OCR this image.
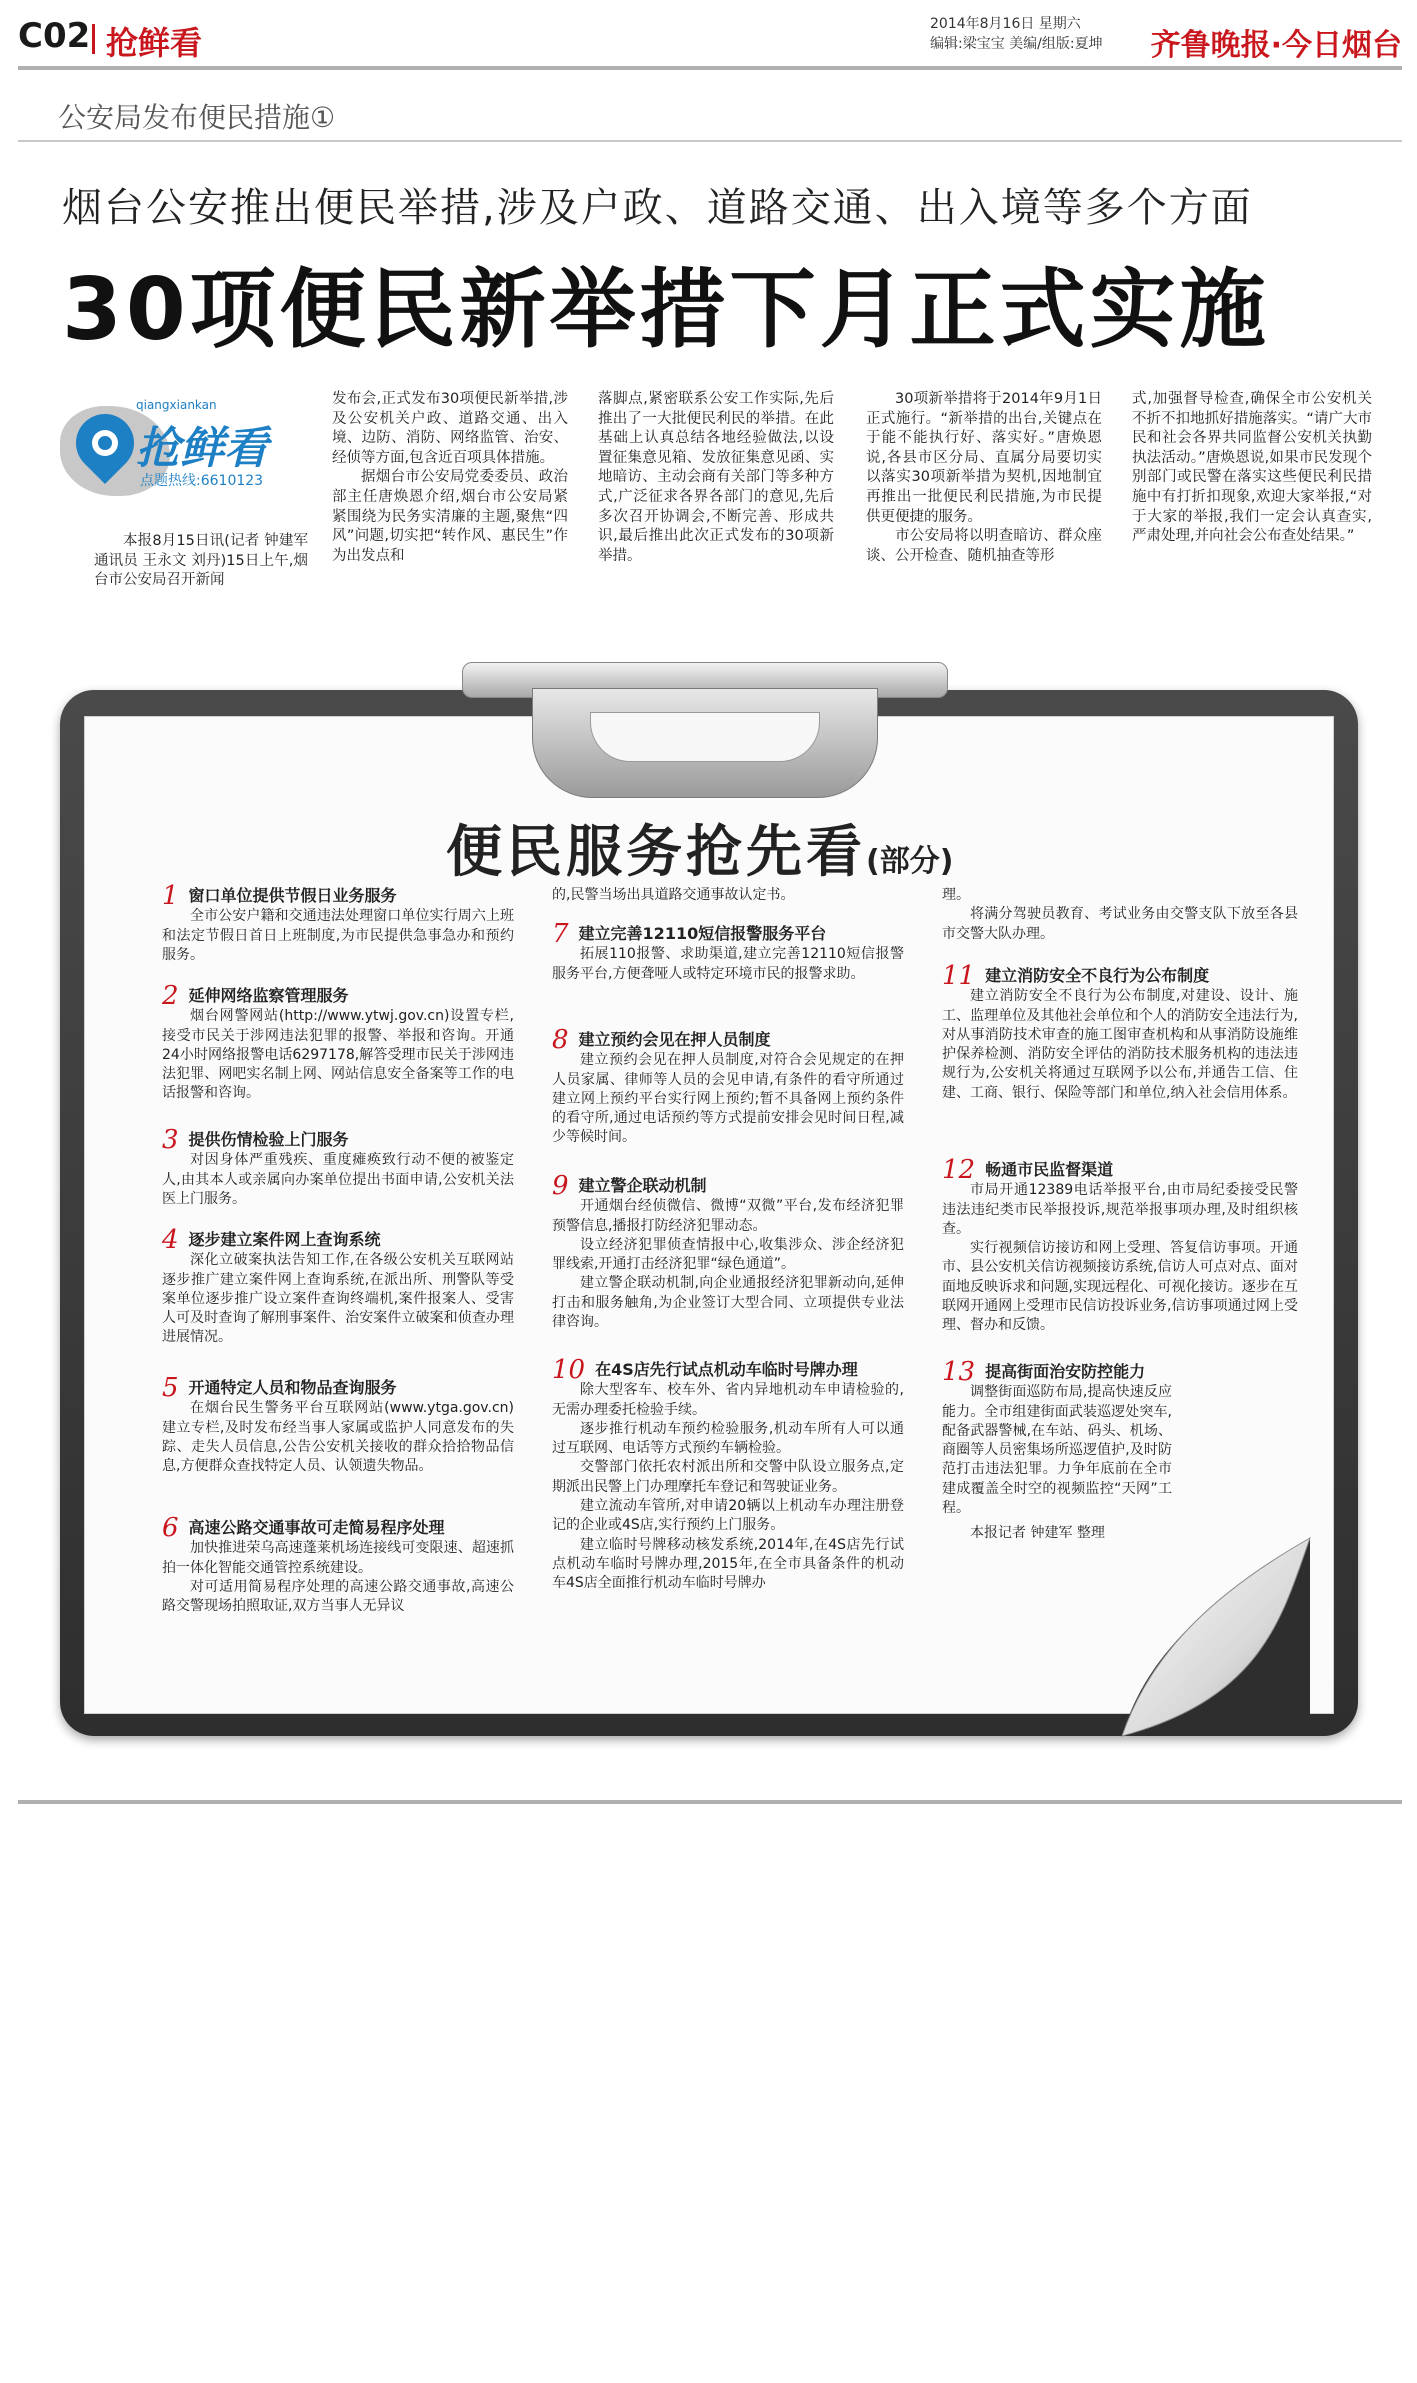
C02 抢鲜看	2014年8月16日 星期六
编辑:梁宝宝 美编/组版:夏坤 齐鲁晚报·今日烟台
公安局发布便民措施①
烟台公安推出便民举措,涉及户政、道路交通、出入境等多个方面
30项便民新举措下月正式实施
qiangxiankan
抢鲜看
点题热线:6610123

本报8月15日讯(记者 钟建军 通讯员 王永文 刘丹)15日上午,烟台市公安局召开新闻

发布会,正式发布30项便民新举措,涉及公安机关户政、道路交通、出入境、边防、消防、网络监管、治安、经侦等方面,包含近百项具体措施。

据烟台市公安局党委委员、政治部主任唐焕恩介绍,烟台市公安局紧紧围绕为民务实清廉的主题,聚焦“四风”问题,切实把“转作风、惠民生”作为出发点和

落脚点,紧密联系公安工作实际,先后推出了一大批便民利民的举措。在此基础上认真总结各地经验做法,以设置征集意见箱、发放征集意见函、实地暗访、主动会商有关部门等多种方式,广泛征求各界各部门的意见,先后多次召开协调会,不断完善、形成共识,最后推出此次正式发布的30项新举措。

30项新举措将于2014年9月1日正式施行。“新举措的出台,关键点在于能不能执行好、落实好。”唐焕恩说,各县市区分局、直属分局要切实以落实30项新举措为契机,因地制宜再推出一批便民利民措施,为市民提供更便捷的服务。

市公安局将以明查暗访、群众座谈、公开检查、随机抽查等形

式,加强督导检查,确保全市公安机关不折不扣地抓好措施落实。“请广大市民和社会各界共同监督公安机关执勤执法活动。”唐焕恩说,如果市民发现个别部门或民警在落实这些便民利民措施中有打折扣现象,欢迎大家举报,“对于大家的举报,我们一定会认真查实,严肃处理,并向社会公布查处结果。”

便民服务抢先看(部分)
1 窗口单位提供节假日业务服务
全市公安户籍和交通违法处理窗口单位实行周六上班和法定节假日首日上班制度,为市民提供急事急办和预约服务。
2 延伸网络监察管理服务
烟台网警网站(http://www.ytwj.gov.cn)设置专栏,接受市民关于涉网违法犯罪的报警、举报和咨询。开通24小时网络报警电话6297178,解答受理市民关于涉网违法犯罪、网吧实名制上网、网站信息安全备案等工作的电话报警和咨询。
3 提供伤情检验上门服务
对因身体严重残疾、重度瘫痪致行动不便的被鉴定人,由其本人或亲属向办案单位提出书面申请,公安机关法医上门服务。
4 逐步建立案件网上查询系统
深化立破案执法告知工作,在各级公安机关互联网站逐步推广建立案件网上查询系统,在派出所、刑警队等受案单位逐步推广设立案件查询终端机,案件报案人、受害人可及时查询了解刑事案件、治安案件立破案和侦查办理进展情况。
5 开通特定人员和物品查询服务
在烟台民生警务平台互联网站(www.ytga.gov.cn)建立专栏,及时发布经当事人家属或监护人同意发布的失踪、走失人员信息,公告公安机关接收的群众拾拾物品信息,方便群众查找特定人员、认领遗失物品。
6 高速公路交通事故可走简易程序处理
加快推进荣乌高速蓬莱机场连接线可变限速、超速抓拍一体化智能交通管控系统建设。
对可适用简易程序处理的高速公路交通事故,高速公路交警现场拍照取证,双方当事人无异议
的,民警当场出具道路交通事故认定书。
7 建立完善12110短信报警服务平台
拓展110报警、求助渠道,建立完善12110短信报警服务平台,方便聋哑人或特定环境市民的报警求助。
8 建立预约会见在押人员制度
建立预约会见在押人员制度,对符合会见规定的在押人员家属、律师等人员的会见申请,有条件的看守所通过建立网上预约平台实行网上预约;暂不具备网上预约条件的看守所,通过电话预约等方式提前安排会见时间日程,减少等候时间。
9 建立警企联动机制
开通烟台经侦微信、微博“双微”平台,发布经济犯罪预警信息,播报打防经济犯罪动态。
设立经济犯罪侦查情报中心,收集涉众、涉企经济犯罪线索,开通打击经济犯罪“绿色通道”。
建立警企联动机制,向企业通报经济犯罪新动向,延伸打击和服务触角,为企业签订大型合同、立项提供专业法律咨询。
10 在4S店先行试点机动车临时号牌办理
除大型客车、校车外、省内异地机动车申请检验的,无需办理委托检验手续。
逐步推行机动车预约检验服务,机动车所有人可以通过互联网、电话等方式预约车辆检验。
交警部门依托农村派出所和交警中队设立服务点,定期派出民警上门办理摩托车登记和驾驶证业务。
建立流动车管所,对申请20辆以上机动车办理注册登记的企业或4S店,实行预约上门服务。
建立临时号牌移动核发系统,2014年,在4S店先行试点机动车临时号牌办理,2015年,在全市具备条件的机动车4S店全面推行机动车临时号牌办
理。
将满分驾驶员教育、考试业务由交警支队下放至各县市交警大队办理。
11 建立消防安全不良行为公布制度
建立消防安全不良行为公布制度,对建设、设计、施工、监理单位及其他社会单位和个人的消防安全违法行为,对从事消防技术审查的施工图审查机构和从事消防设施维护保养检测、消防安全评估的消防技术服务机构的违法违规行为,公安机关将通过互联网予以公布,并通告工信、住建、工商、银行、保险等部门和单位,纳入社会信用体系。
12 畅通市民监督渠道
市局开通12389电话举报平台,由市局纪委接受民警违法违纪类市民举报投诉,规范举报事项办理,及时组织核查。
实行视频信访接访和网上受理、答复信访事项。开通市、县公安机关信访视频接访系统,信访人可点对点、面对面地反映诉求和问题,实现远程化、可视化接访。逐步在互联网开通网上受理市民信访投诉业务,信访事项通过网上受理、督办和反馈。
13 提高街面治安防控能力
调整街面巡防布局,提高快速反应能力。全市组建街面武装巡逻处突车,配备武器警械,在车站、码头、机场、商圈等人员密集场所巡逻值护,及时防范打击违法犯罪。力争年底前在全市建成覆盖全时空的视频监控“天网”工程。
本报记者 钟建军 整理
